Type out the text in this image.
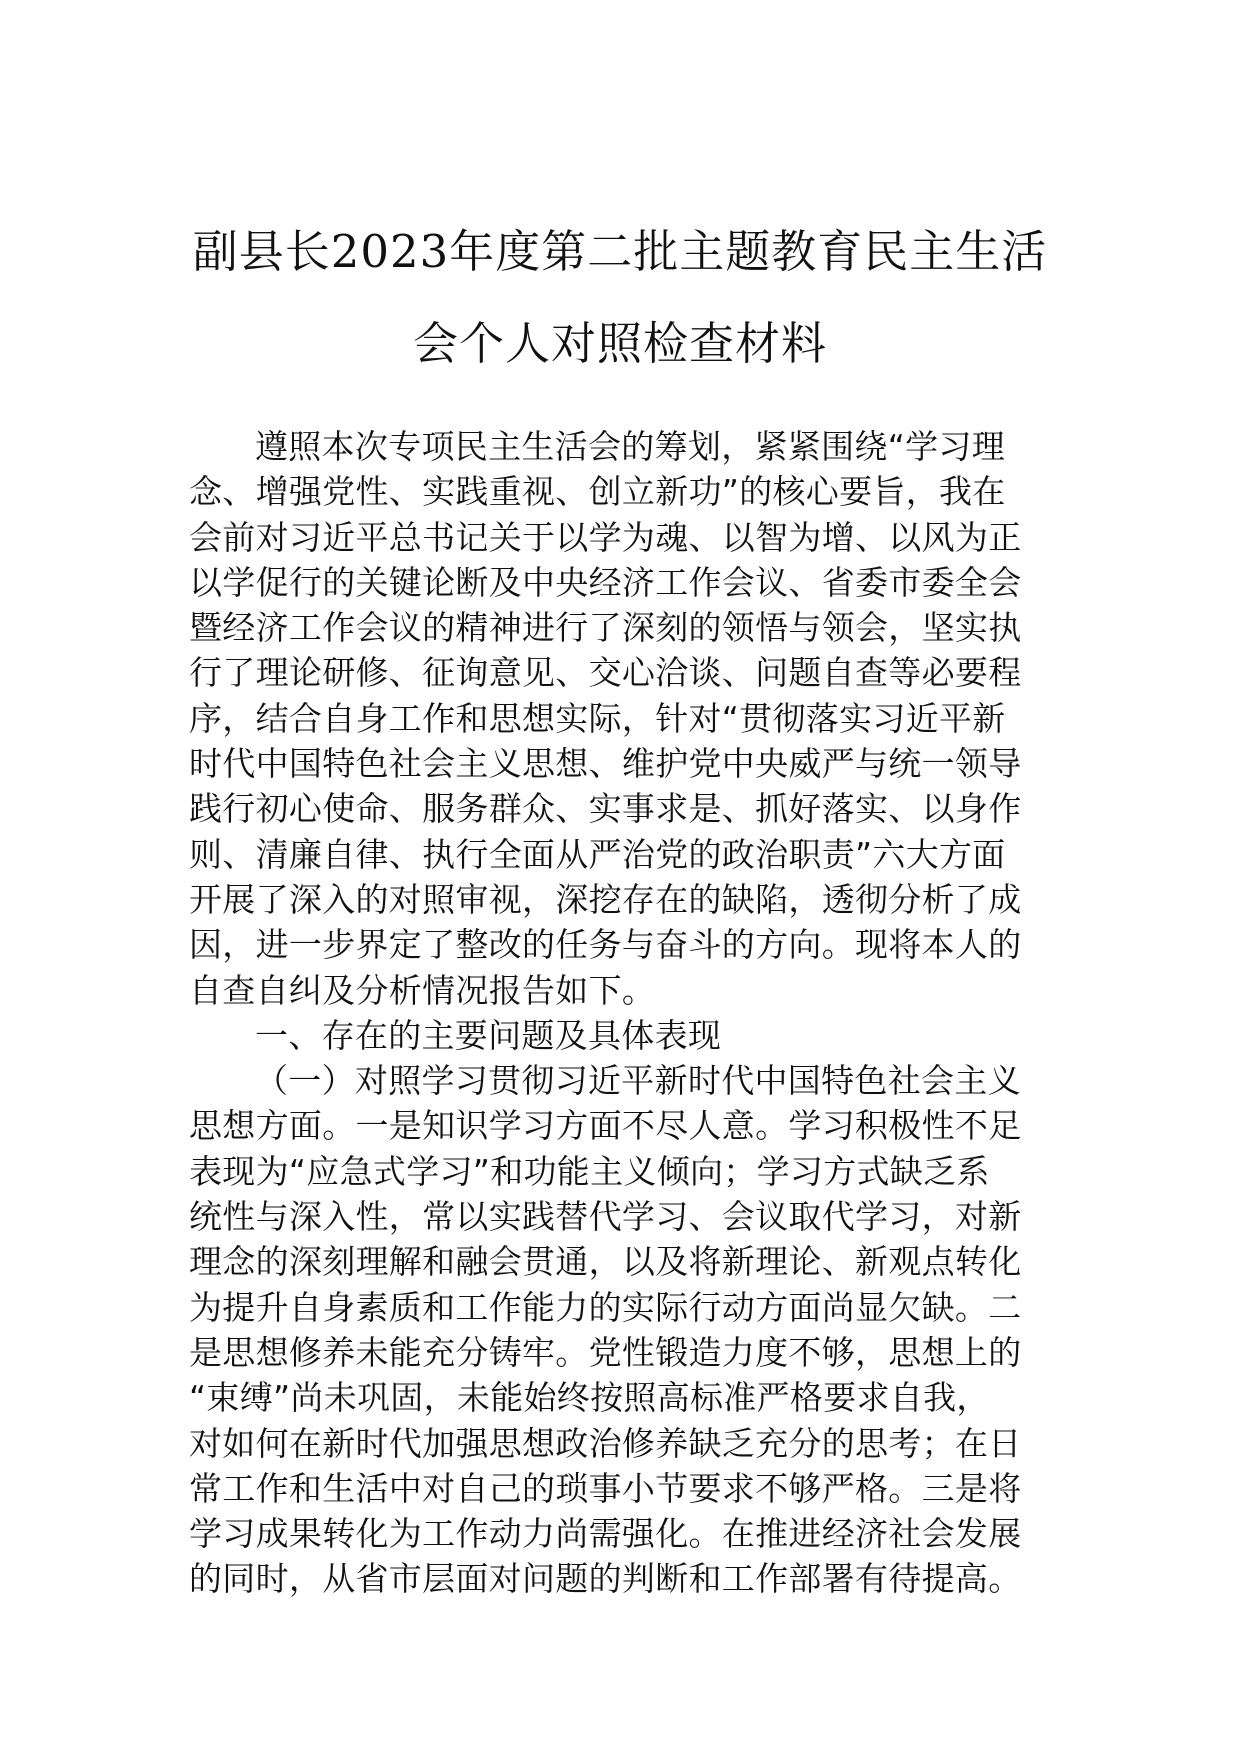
副县长2023年度第二批主题教育民主生活
会个人对照检查材料
遵照本次专项民主生活会的筹划，紧紧围绕“学习理
念、增强党性、实践重视、创立新功”的核心要旨，我在
会前对习近平总书记关于以学为魂、以智为增、以风为正
以学促行的关键论断及中央经济工作会议、省委市委全会
暨经济工作会议的精神进行了深刻的领悟与领会，坚实执
行了理论研修、征询意见、交心洽谈、问题自查等必要程
序，结合自身工作和思想实际，针对“贯彻落实习近平新
时代中国特色社会主义思想、维护党中央威严与统一领导
践行初心使命、服务群众、实事求是、抓好落实、以身作
则、清廉自律、执行全面从严治党的政治职责”六大方面
开展了深入的对照审视，深挖存在的缺陷，透彻分析了成
因，进一步界定了整改的任务与奋斗的方向。现将本人的
自查自纠及分析情况报告如下。
一、存在的主要问题及具体表现
（一）对照学习贯彻习近平新时代中国特色社会主义
思想方面。一是知识学习方面不尽人意。学习积极性不足
表现为“应急式学习”和功能主义倾向；学习方式缺乏系
统性与深入性，常以实践替代学习、会议取代学习，对新
理念的深刻理解和融会贯通，以及将新理论、新观点转化
为提升自身素质和工作能力的实际行动方面尚显欠缺。二
是思想修养未能充分铸牢。党性锻造力度不够，思想上的
“束缚”尚未巩固，未能始终按照高标准严格要求自我，
对如何在新时代加强思想政治修养缺乏充分的思考；在日
常工作和生活中对自己的琐事小节要求不够严格。三是将
学习成果转化为工作动力尚需强化。在推进经济社会发展
的同时，从省市层面对问题的判断和工作部署有待提高。
